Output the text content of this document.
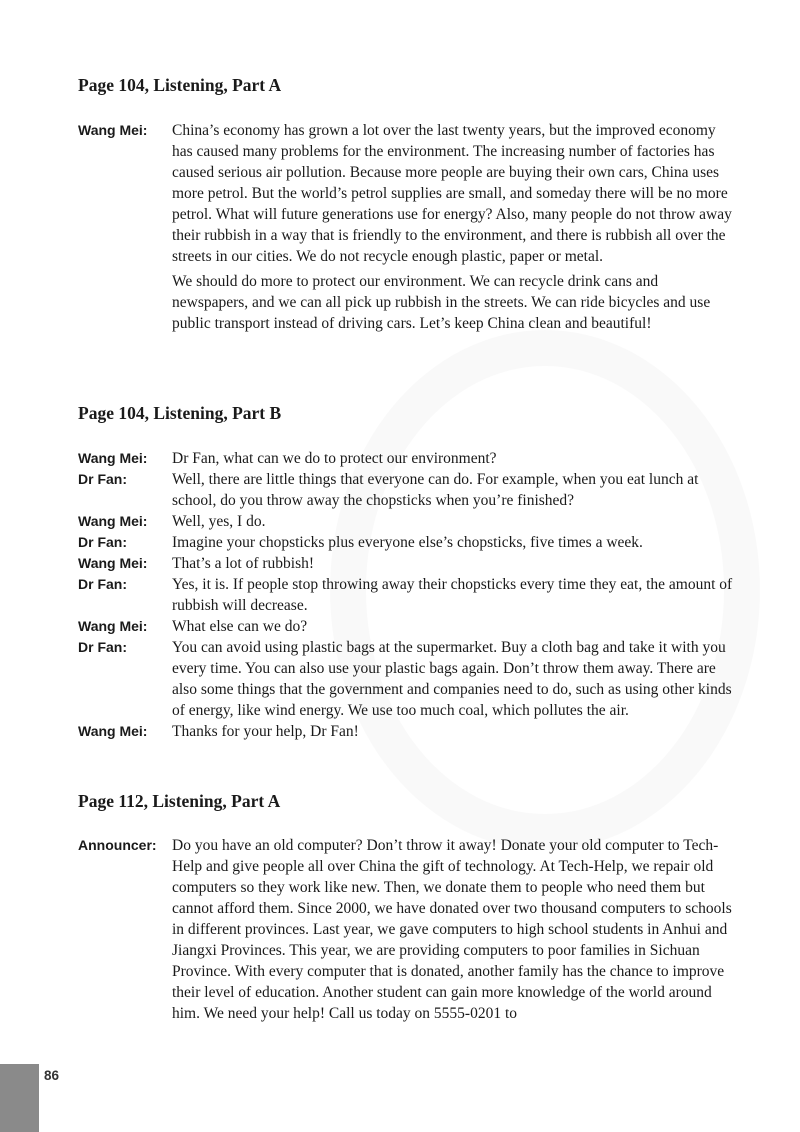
Page 104, Listening, Part A
Wang Mei:	China’s economy has grown a lot over the last twenty years, but the improved economy has caused many problems for the environment. The increasing number of factories has caused serious air pollution. Because more people are buying their own cars, China uses more petrol. But the world’s petrol supplies are small, and someday there will be no more petrol. What will future generations use for energy? Also, many people do not throw away their rubbish in a way that is friendly to the environment, and there is rubbish all over the streets in our cities. We do not recycle enough plastic, paper or metal.

We should do more to protect our environment. We can recycle drink cans and newspapers, and we can all pick up rubbish in the streets. We can ride bicycles and use public transport instead of driving cars. Let’s keep China clean and beautiful!

Page 104, Listening, Part B
Wang Mei:	Dr Fan, what can we do to protect our environment?

Dr Fan:	Well, there are little things that everyone can do. For example, when you eat lunch at school, do you throw away the chopsticks when you’re finished?

Wang Mei:	Well, yes, I do.

Dr Fan:	Imagine your chopsticks plus everyone else’s chopsticks, five times a week.

Wang Mei:	That’s a lot of rubbish!

Dr Fan:	Yes, it is. If people stop throwing away their chopsticks every time they eat, the amount of rubbish will decrease.

Wang Mei:	What else can we do?

Dr Fan:	You can avoid using plastic bags at the supermarket. Buy a cloth bag and take it with you every time. You can also use your plastic bags again. Don’t throw them away. There are also some things that the government and companies need to do, such as using other kinds of energy, like wind energy. We use too much coal, which pollutes the air.

Wang Mei:	Thanks for your help, Dr Fan!

Page 112, Listening, Part A
Announcer: Do you have an old computer? Don’t throw it away! Donate your old computer to Tech-Help and give people all over China the gift of technology. At Tech-Help, we repair old computers so they work like new. Then, we donate them to people who need them but cannot afford them. Since 2000, we have donated over two thousand computers to schools in different provinces. Last year, we gave computers to high school students in Anhui and Jiangxi Provinces. This year, we are providing computers to poor families in Sichuan Province. With every computer that is donated, another family has the chance to improve their level of education. Another student can gain more knowledge of the world around him. We need your help! Call us today on 5555-0201 to

86
